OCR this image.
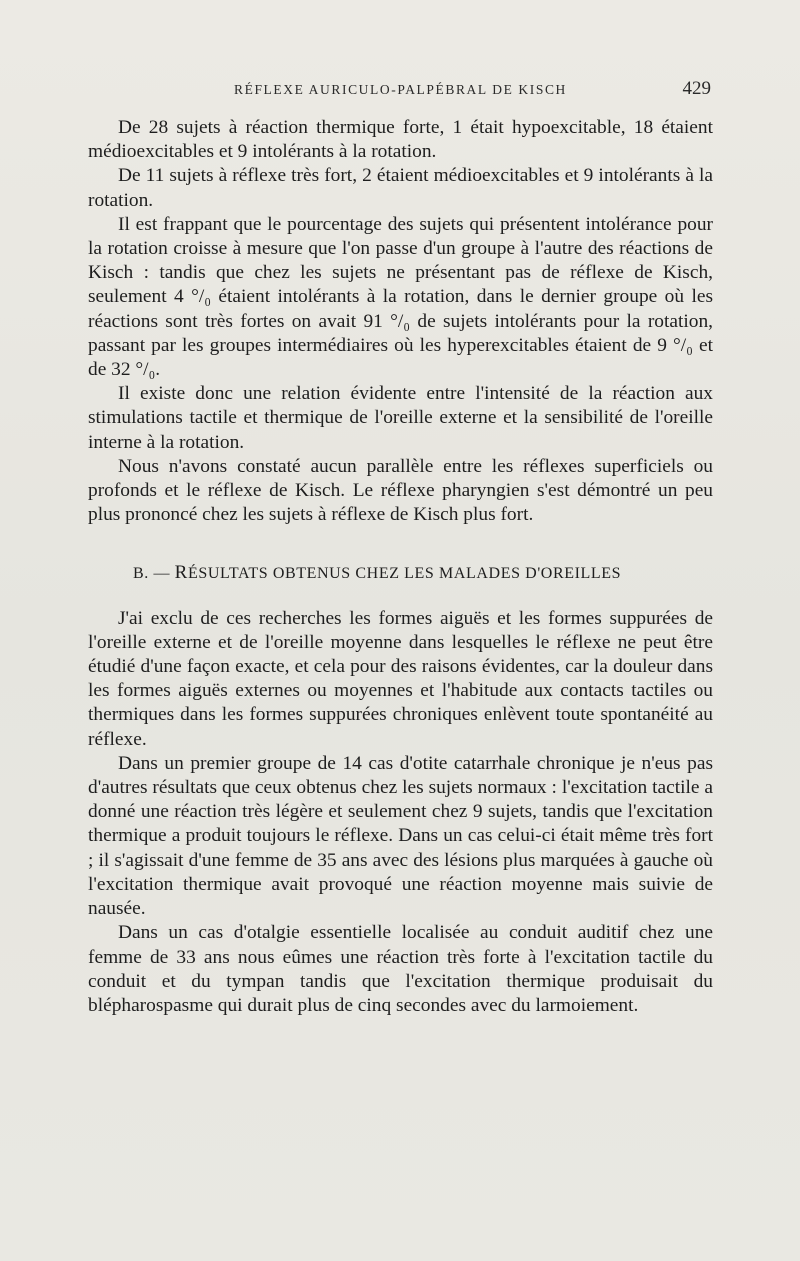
RÉFLEXE AURICULO-PALPÉBRAL DE KISCH	429

De 28 sujets à réaction thermique forte, 1 était hypoexcitable, 18 étaient médioexcitables et 9 intolérants à la rotation.

De 11 sujets à réflexe très fort, 2 étaient médioexcitables et 9 intolérants à la rotation.

Il est frappant que le pourcentage des sujets qui présentent intolérance pour la rotation croisse à mesure que l'on passe d'un groupe à l'autre des réactions de Kisch : tandis que chez les sujets ne présentant pas de réflexe de Kisch, seulement 4 °/₀ étaient intolérants à la rotation, dans le dernier groupe où les réactions sont très fortes on avait 91 °/₀ de sujets intolérants pour la rotation, passant par les groupes intermédiaires où les hyperexcitables étaient de 9 °/₀ et de 32 °/₀.

Il existe donc une relation évidente entre l'intensité de la réaction aux stimulations tactile et thermique de l'oreille externe et la sensibilité de l'oreille interne à la rotation.

Nous n'avons constaté aucun parallèle entre les réflexes superficiels ou profonds et le réflexe de Kisch. Le réflexe pharyngien s'est démontré un peu plus prononcé chez les sujets à réflexe de Kisch plus fort.

B. — RÉSULTATS OBTENUS CHEZ LES MALADES D'OREILLES

J'ai exclu de ces recherches les formes aiguës et les formes suppurées de l'oreille externe et de l'oreille moyenne dans lesquelles le réflexe ne peut être étudié d'une façon exacte, et cela pour des raisons évidentes, car la douleur dans les formes aiguës externes ou moyennes et l'habitude aux contacts tactiles ou thermiques dans les formes suppurées chroniques enlèvent toute spontanéité au réflexe.

Dans un premier groupe de 14 cas d'otite catarrhale chronique je n'eus pas d'autres résultats que ceux obtenus chez les sujets normaux : l'excitation tactile a donné une réaction très légère et seulement chez 9 sujets, tandis que l'excitation thermique a produit toujours le réflexe. Dans un cas celui-ci était même très fort ; il s'agissait d'une femme de 35 ans avec des lésions plus marquées à gauche où l'excitation thermique avait provoqué une réaction moyenne mais suivie de nausée.

Dans un cas d'otalgie essentielle localisée au conduit auditif chez une femme de 33 ans nous eûmes une réaction très forte à l'excitation tactile du conduit et du tympan tandis que l'excitation thermique produisait du blépharospasme qui durait plus de cinq secondes avec du larmoiement.
